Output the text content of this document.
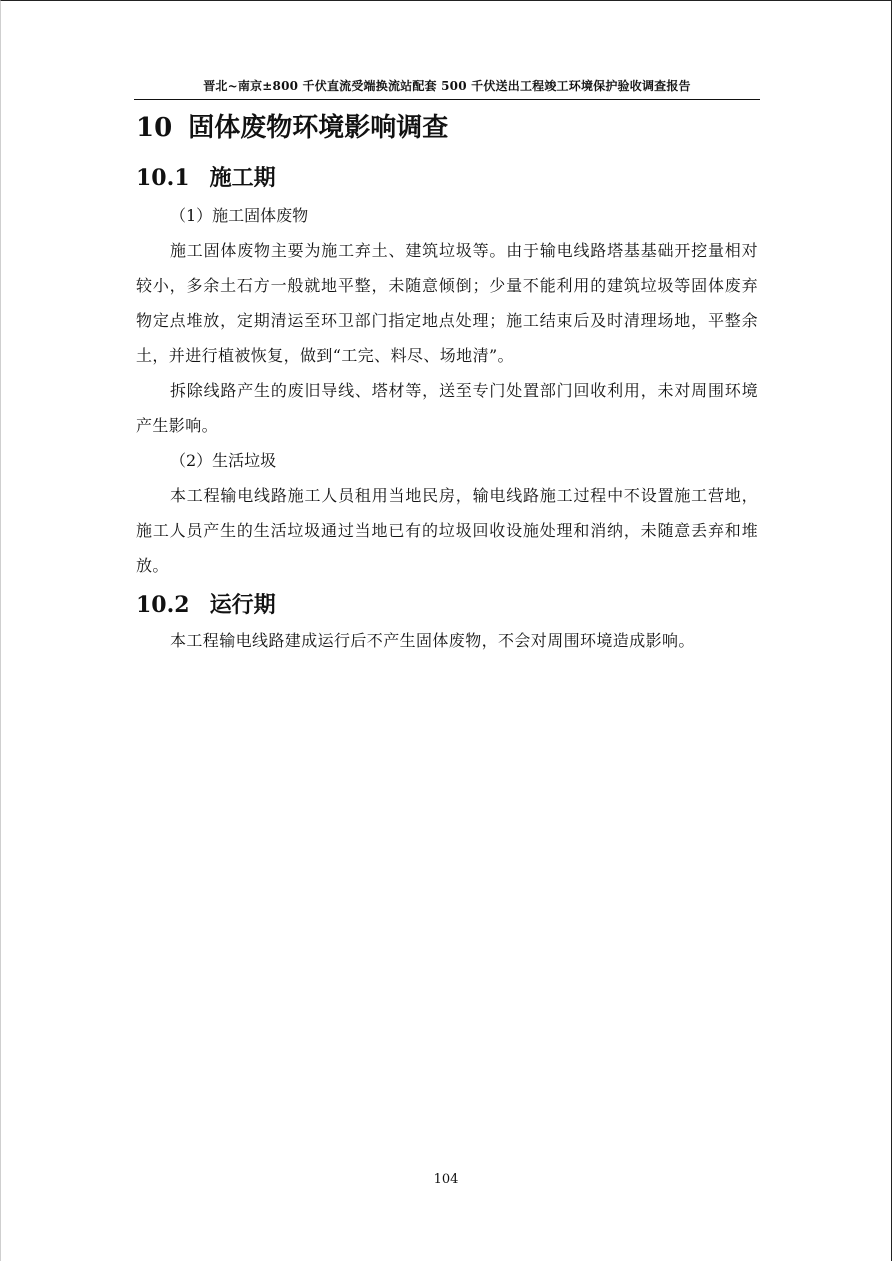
晋北~南京±800 千伏直流受端换流站配套 500 千伏送出工程竣工环境保护验收调查报告
10 固体废物环境影响调查
10.1 施工期

（1）施工固体废物

施工固体废物主要为施工弃土、建筑垃圾等。由于输电线路塔基基础开挖量相对较小，多余土石方一般就地平整，未随意倾倒；少量不能利用的建筑垃圾等固体废弃物定点堆放，定期清运至环卫部门指定地点处理；施工结束后及时清理场地，平整余土，并进行植被恢复，做到“工完、料尽、场地清”。

拆除线路产生的废旧导线、塔材等，送至专门处置部门回收利用，未对周围环境产生影响。

（2）生活垃圾

本工程输电线路施工人员租用当地民房，输电线路施工过程中不设置施工营地，施工人员产生的生活垃圾通过当地已有的垃圾回收设施处理和消纳，未随意丢弃和堆放。

10.2 运行期

本工程输电线路建成运行后不产生固体废物，不会对周围环境造成影响。

104
